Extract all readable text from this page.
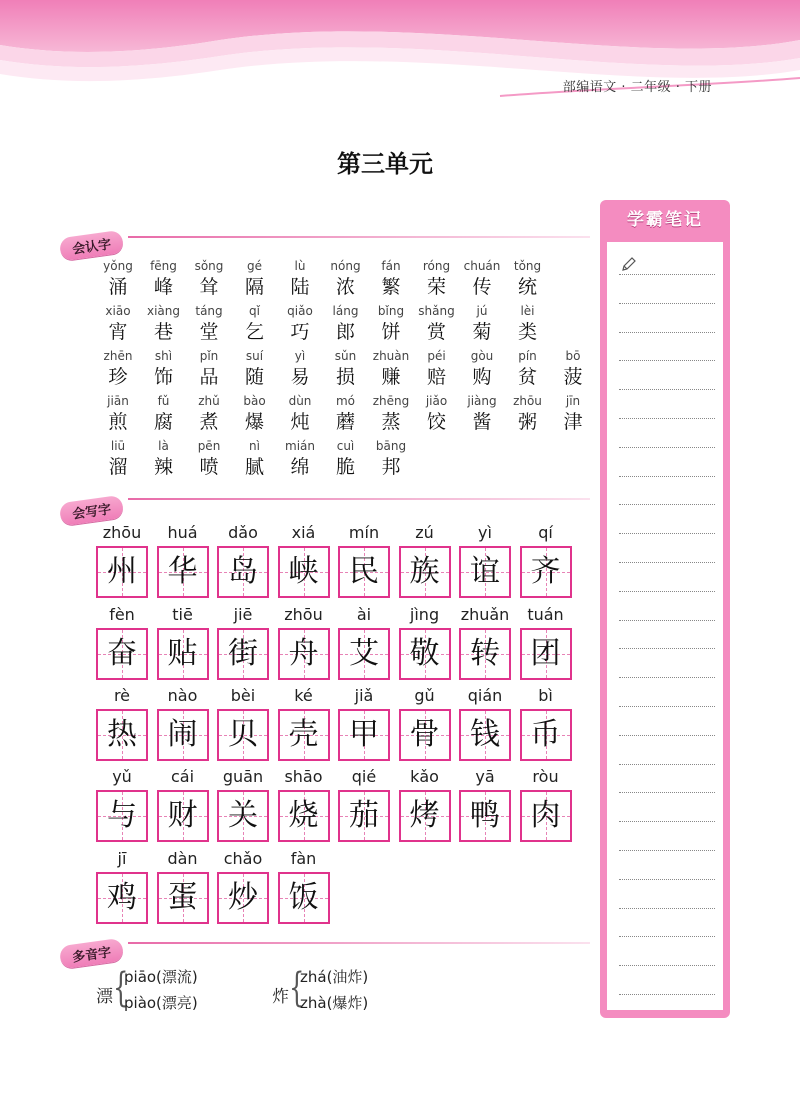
部编语文 · 二年级 · 下册
第三单元
会认字
yǒng
涌
fēng
峰
sǒng
耸
gé
隔
lù
陆
nóng
浓
fán
繁
róng
荣
chuán
传
tǒng
统
xiāo
宵
xiàng
巷
táng
堂
qǐ
乞
qiǎo
巧
láng
郎
bǐng
饼
shǎng
赏
jú
菊
lèi
类
zhēn
珍
shì
饰
pǐn
品
suí
随
yì
易
sǔn
损
zhuàn
赚
péi
赔
gòu
购
pín
贫
bō
菠
jiān
煎
fǔ
腐
zhǔ
煮
bào
爆
dùn
炖
mó
蘑
zhēng
蒸
jiǎo
饺
jiàng
酱
zhōu
粥
jīn
津
liū
溜
là
辣
pēn
喷
nì
腻
mián
绵
cuì
脆
bāng
邦
会写字
zhōu
州
huá
华
dǎo
岛
xiá
峡
mín
民
zú
族
yì
谊
qí
齐
fèn
奋
tiē
贴
jiē
街
zhōu
舟
ài
艾
jìng
敬
zhuǎn
转
tuán
团
rè
热
nào
闹
bèi
贝
ké
壳
jiǎ
甲
gǔ
骨
qián
钱
bì
币
yǔ
与
cái
财
guān
关
shāo
烧
qié
茄
kǎo
烤
yā
鸭
ròu
肉
jī
鸡
dàn
蛋
chǎo
炒
fàn
饭
多音字
漂 {
piāo(漂流)
piào(漂亮)	炸 {
zhá(油炸)
zhà(爆炸)
学霸笔记
